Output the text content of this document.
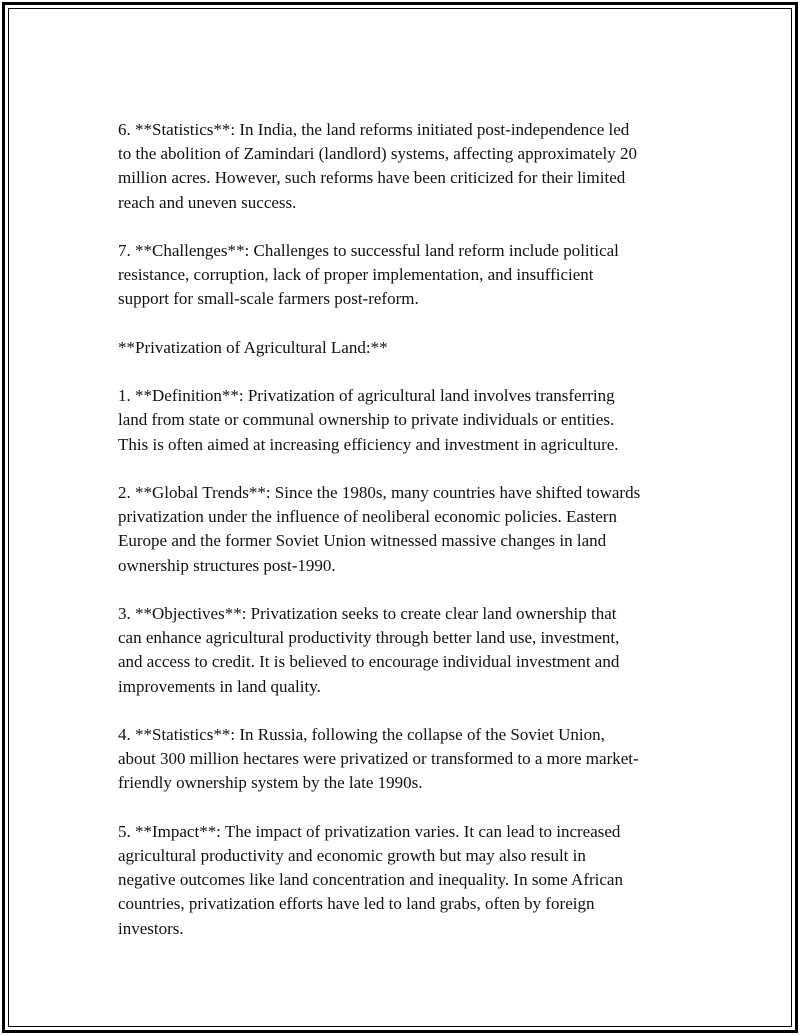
6. **Statistics**: In India, the land reforms initiated post-independence led
to the abolition of Zamindari (landlord) systems, affecting approximately 20
million acres. However, such reforms have been criticized for their limited
reach and uneven success.

7. **Challenges**: Challenges to successful land reform include political
resistance, corruption, lack of proper implementation, and insufficient
support for small-scale farmers post-reform.

**Privatization of Agricultural Land:**

1. **Definition**: Privatization of agricultural land involves transferring
land from state or communal ownership to private individuals or entities.
This is often aimed at increasing efficiency and investment in agriculture.

2. **Global Trends**: Since the 1980s, many countries have shifted towards
privatization under the influence of neoliberal economic policies. Eastern
Europe and the former Soviet Union witnessed massive changes in land
ownership structures post-1990.

3. **Objectives**: Privatization seeks to create clear land ownership that
can enhance agricultural productivity through better land use, investment,
and access to credit. It is believed to encourage individual investment and
improvements in land quality.

4. **Statistics**: In Russia, following the collapse of the Soviet Union,
about 300 million hectares were privatized or transformed to a more market-
friendly ownership system by the late 1990s.

5. **Impact**: The impact of privatization varies. It can lead to increased
agricultural productivity and economic growth but may also result in
negative outcomes like land concentration and inequality. In some African
countries, privatization efforts have led to land grabs, often by foreign
investors.
